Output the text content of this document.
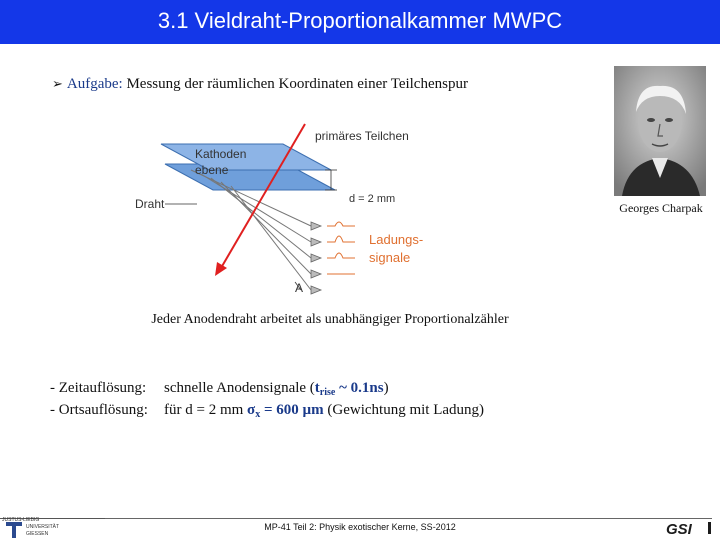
3.1 Vieldraht-Proportionalkammer MWPC
➢ Aufgabe: Messung der räumlichen Koordinaten einer Teilchenspur
Georges Charpak
primäres Teilchen
Kathoden
ebene
Draht	d = 2 mm
Ladungs-
signale
A
Jeder Anodendraht arbeitet als unabhängiger Proportionalzähler
- Zeitauflösung: schnelle Anodensignale ($t_{rise}$ ~ 0.1ns)
- Ortsauflösung: für d = 2 mm $\sigma_x = 600$ µm (Gewichtung mit Ladung)
JUSTUS-LIEBIG
UNIVERSITÄT
GIESSEN
MP-41 Teil 2: Physik exotischer Kerne, SS-2012	GSI
